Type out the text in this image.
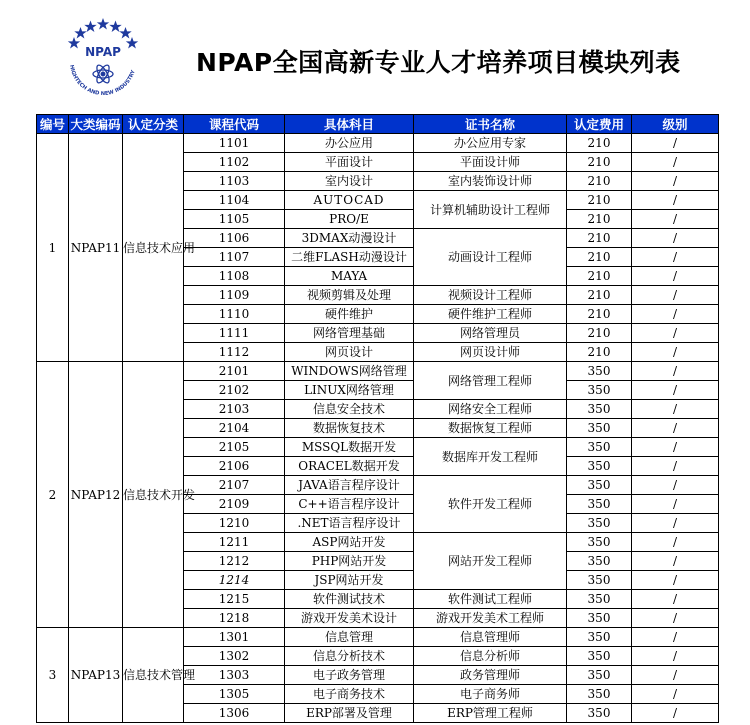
NPAP
HIGHTECH AND NEW INDUSTRY NPAP全国高新专业人才培养项目模块列表
编号	大类编码	认定分类	课程代码	具体科目	证书名称	认定费用	级别
1	NPAP11	信息技术应用	1101	办公应用	办公应用专家	210	/
			1102	平面设计	平面设计师	210	/
			1103	室内设计	室内装饰设计师	210	/
			1104	AUTOCAD	计算机辅助设计工程师	210	/
			1105	PRO/E		210	/
			1106	3DMAX动漫设计	动画设计工程师	210	/
			1107	二维FLASH动漫设计		210	/
			1108	MAYA		210	/
			1109	视频剪辑及处理	视频设计工程师	210	/
			1110	硬件维护	硬件维护工程师	210	/
			1111	网络管理基础	网络管理员	210	/
			1112	网页设计	网页设计师	210	/
2	NPAP12	信息技术开发	2101	WINDOWS网络管理	网络管理工程师	350	/
			2102	LINUX网络管理		350	/
			2103	信息安全技术	网络安全工程师	350	/
			2104	数据恢复技术	数据恢复工程师	350	/
			2105	MSSQL数据开发	数据库开发工程师	350	/
			2106	ORACEL数据开发		350	/
			2107	JAVA语言程序设计	软件开发工程师	350	/
			2109	C++语言程序设计		350	/
			1210	.NET语言程序设计		350	/
			1211	ASP网站开发	网站开发工程师	350	/
			1212	PHP网站开发		350	/
			1214	JSP网站开发		350	/
			1215	软件测试技术	软件测试工程师	350	/
			1218	游戏开发美术设计	游戏开发美术工程师	350	/
3	NPAP13	信息技术管理	1301	信息管理	信息管理师	350	/
			1302	信息分析技术	信息分析师	350	/
			1303	电子政务管理	政务管理师	350	/
			1305	电子商务技术	电子商务师	350	/
			1306	ERP部署及管理	ERP管理工程师	350	/
